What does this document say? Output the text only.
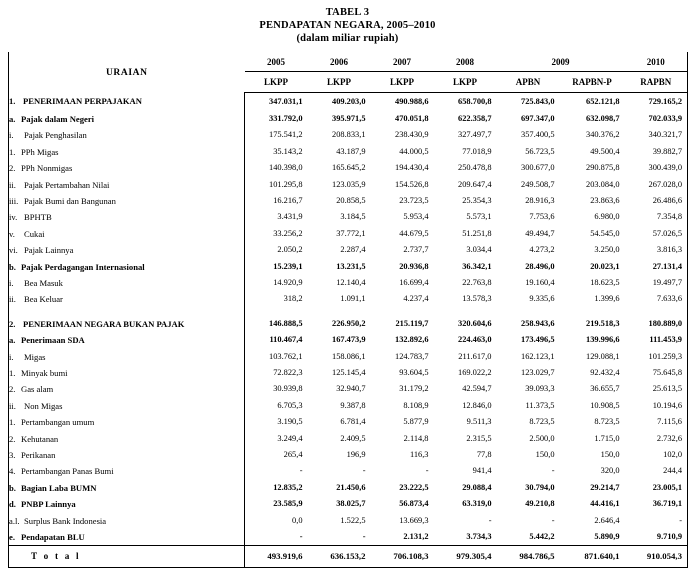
TABEL 3
PENDAPATAN NEGARA, 2005–2010
(dalam miliar rupiah)
URAIAN	2005	2006	2007	2008	2009		2010
	LKPP	LKPP	LKPP	LKPP	APBN	RAPBN-P	RAPBN
1. PENERIMAAN PERPAJAKAN	347.031,1	409.203,0	490.988,6	658.700,8	725.843,0	652.121,8	729.165,2
a. Pajak dalam Negeri	331.792,0	395.971,5	470.051,8	622.358,7	697.347,0	632.098,7	702.033,9
i. Pajak Penghasilan	175.541,2	208.833,1	238.430,9	327.497,7	357.400,5	340.376,2	340.321,7
1. PPh Migas	35.143,2	43.187,9	44.000,5	77.018,9	56.723,5	49.500,4	39.882,7
2. PPh Nonmigas	140.398,0	165.645,2	194.430,4	250.478,8	300.677,0	290.875,8	300.439,0
ii. Pajak Pertambahan Nilai	101.295,8	123.035,9	154.526,8	209.647,4	249.508,7	203.084,0	267.028,0
iii. Pajak Bumi dan Bangunan	16.216,7	20.858,5	23.723,5	25.354,3	28.916,3	23.863,6	26.486,6
iv. BPHTB	3.431,9	3.184,5	5.953,4	5.573,1	7.753,6	6.980,0	7.354,8
v. Cukai	33.256,2	37.772,1	44.679,5	51.251,8	49.494,7	54.545,0	57.026,5
vi. Pajak Lainnya	2.050,2	2.287,4	2.737,7	3.034,4	4.273,2	3.250,0	3.816,3
b. Pajak Perdagangan Internasional	15.239,1	13.231,5	20.936,8	36.342,1	28.496,0	20.023,1	27.131,4
i. Bea Masuk	14.920,9	12.140,4	16.699,4	22.763,8	19.160,4	18.623,5	19.497,7
ii. Bea Keluar	318,2	1.091,1	4.237,4	13.578,3	9.335,6	1.399,6	7.633,6

2. PENERIMAAN NEGARA BUKAN PAJAK	146.888,5	226.950,2	215.119,7	320.604,6	258.943,6	219.518,3	180.889,0
a. Penerimaan SDA	110.467,4	167.473,9	132.892,6	224.463,0	173.496,5	139.996,6	111.453,9
i. Migas	103.762,1	158.086,1	124.783,7	211.617,0	162.123,1	129.088,1	101.259,3
1. Minyak bumi	72.822,3	125.145,4	93.604,5	169.022,2	123.029,7	92.432,4	75.645,8
2. Gas alam	30.939,8	32.940,7	31.179,2	42.594,7	39.093,3	36.655,7	25.613,5
ii. Non Migas	6.705,3	9.387,8	8.108,9	12.846,0	11.373,5	10.908,5	10.194,6
1. Pertambangan umum	3.190,5	6.781,4	5.877,9	9.511,3	8.723,5	8.723,5	7.115,6
2. Kehutanan	3.249,4	2.409,5	2.114,8	2.315,5	2.500,0	1.715,0	2.732,6
3. Perikanan	265,4	196,9	116,3	77,8	150,0	150,0	102,0
4. Pertambangan Panas Bumi	-	-	-	941,4	-	320,0	244,4
b. Bagian Laba BUMN	12.835,2	21.450,6	23.222,5	29.088,4	30.794,0	29.214,7	23.005,1
d. PNBP Lainnya	23.585,9	38.025,7	56.873,4	63.319,0	49.210,8	44.416,1	36.719,1
a.l. Surplus Bank Indonesia	0,0	1.522,5	13.669,3	-	-	2.646,4	-
e. Pendapatan BLU	-	-	2.131,2	3.734,3	5.442,2	5.890,9	9.710,9
T o t a l	493.919,6	636.153,2	706.108,3	979.305,4	984.786,5	871.640,1	910.054,3
